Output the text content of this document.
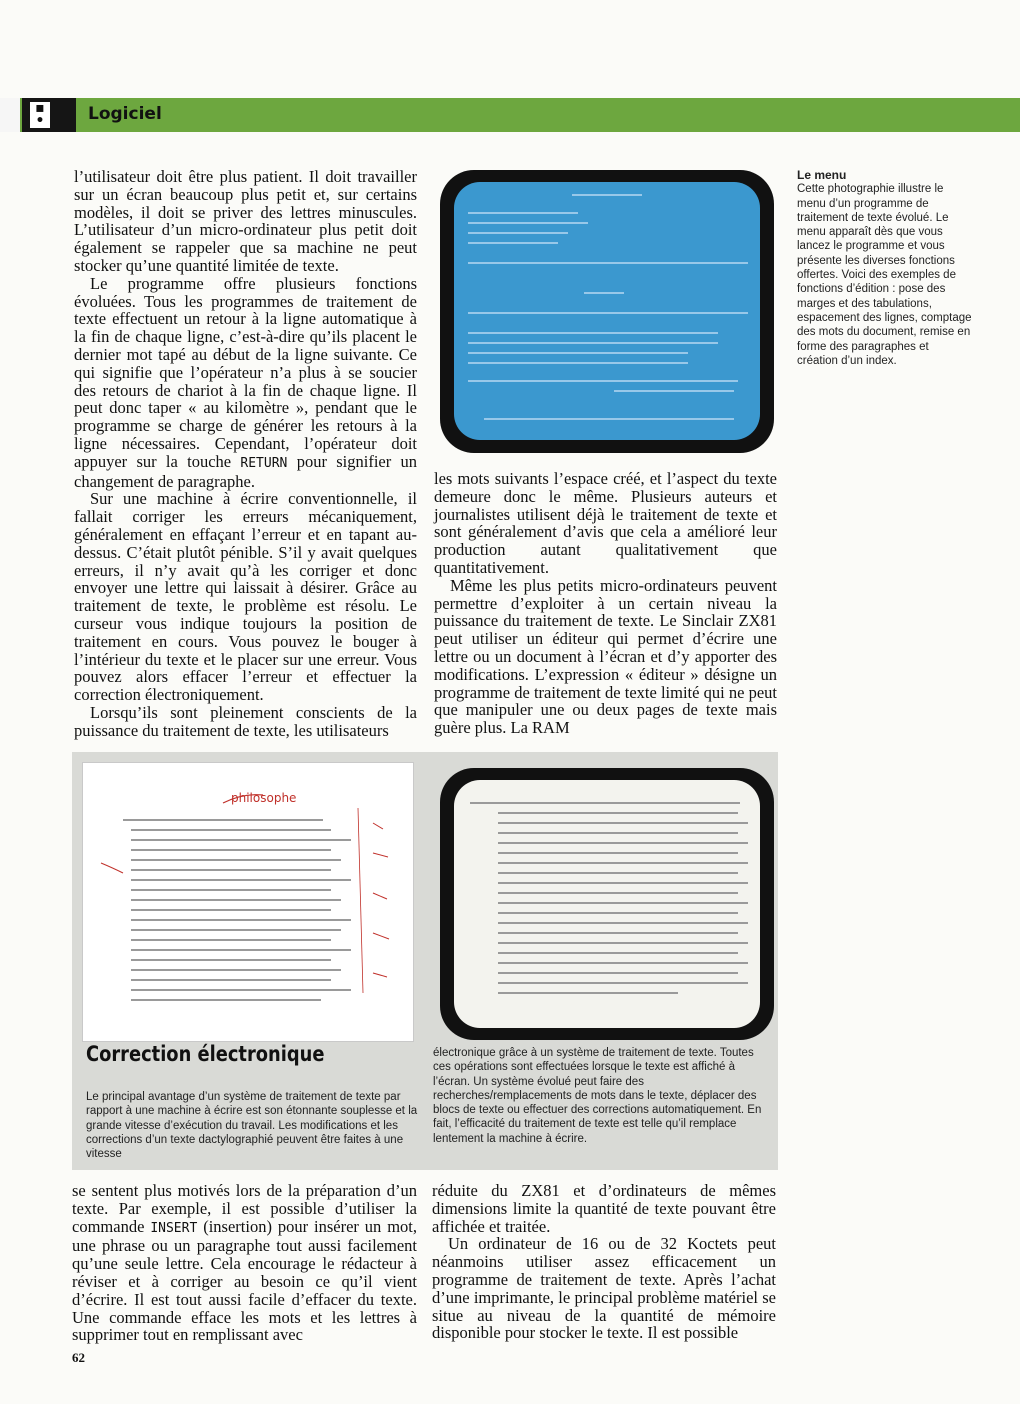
▪
•	Logiciel

l’utilisateur doit être plus patient. Il doit travailler sur un écran beaucoup plus petit et, sur certains modèles, il doit se priver des lettres minuscules. L’utilisateur d’un micro-ordinateur plus petit doit également se rappeler que sa machine ne peut stocker qu’une quantité limitée de texte.

Le programme offre plusieurs fonctions évoluées. Tous les programmes de traitement de texte effectuent un retour à la ligne automatique à la fin de chaque ligne, c’est-à-dire qu’ils placent le dernier mot tapé au début de la ligne suivante. Ce qui signifie que l’opérateur n’a plus à se soucier des retours de chariot à la fin de chaque ligne. Il peut donc taper « au kilomètre », pendant que le programme se charge de générer les retours à la ligne nécessaires. Cependant, l’opérateur doit appuyer sur la touche RETURN pour signifier un changement de paragraphe.

Sur une machine à écrire conventionnelle, il fallait corriger les erreurs mécaniquement, généralement en effaçant l’erreur et en tapant au-dessus. C’était plutôt pénible. S’il y avait quelques erreurs, il n’y avait qu’à les corriger et donc envoyer une lettre qui laissait à désirer. Grâce au traitement de texte, le problème est résolu. Le curseur vous indique toujours la position de traitement en cours. Vous pouvez le bouger à l’intérieur du texte et le placer sur une erreur. Vous pouvez alors effacer l’erreur et effectuer la correction électroniquement.

Lorsqu’ils sont pleinement conscients de la puissance du traitement de texte, les utilisateurs

Le menu
Cette photographie illustre le menu d’un programme de traitement de texte évolué. Le menu apparaît dès que vous lancez le programme et vous présente les diverses fonctions offertes. Voici des exemples de fonctions d’édition : pose des marges et des tabulations, espacement des lignes, comptage des mots du document, remise en forme des paragraphes et création d’un index.

les mots suivants l’espace créé, et l’aspect du texte demeure donc le même. Plusieurs auteurs et journalistes utilisent déjà le traitement de texte et sont généralement d’avis que cela a amélioré leur production autant qualitativement que quantitativement.

Même les plus petits micro-ordinateurs peuvent permettre d’exploiter à un certain niveau la puissance du traitement de texte. Le Sinclair ZX81 peut utiliser un éditeur qui permet d’écrire une lettre ou un document à l’écran et d’y apporter des modifications. L’expression « éditeur » désigne un programme de traitement de texte limité qui ne peut que manipuler une ou deux pages de texte mais guère plus. La RAM

philosophe
Correction électronique
Le principal avantage d’un système de traitement de texte par rapport à une machine à écrire est son étonnante souplesse et la grande vitesse d’exécution du travail. Les modifications et les corrections d’un texte dactylographié peuvent être faites à une vitesse
électronique grâce à un système de traitement de texte. Toutes ces opérations sont effectuées lorsque le texte est affiché à l’écran. Un système évolué peut faire des recherches/remplacements de mots dans le texte, déplacer des blocs de texte ou effectuer des corrections automatiquement. En fait, l’efficacité du traitement de texte est telle qu’il remplace lentement la machine à écrire.

se sentent plus motivés lors de la préparation d’un texte. Par exemple, il est possible d’utiliser la commande INSERT (insertion) pour insérer un mot, une phrase ou un paragraphe tout aussi facilement qu’une seule lettre. Cela encourage le rédacteur à réviser et à corriger au besoin ce qu’il vient d’écrire. Il est tout aussi facile d’effacer du texte. Une commande efface les mots et les lettres à supprimer tout en remplissant avec

réduite du ZX81 et d’ordinateurs de mêmes dimensions limite la quantité de texte pouvant être affichée et traitée.

Un ordinateur de 16 ou de 32 Koctets peut néanmoins utiliser assez efficacement un programme de traitement de texte. Après l’achat d’une imprimante, le principal problème matériel se situe au niveau de la quantité de mémoire disponible pour stocker le texte. Il est possible

62
